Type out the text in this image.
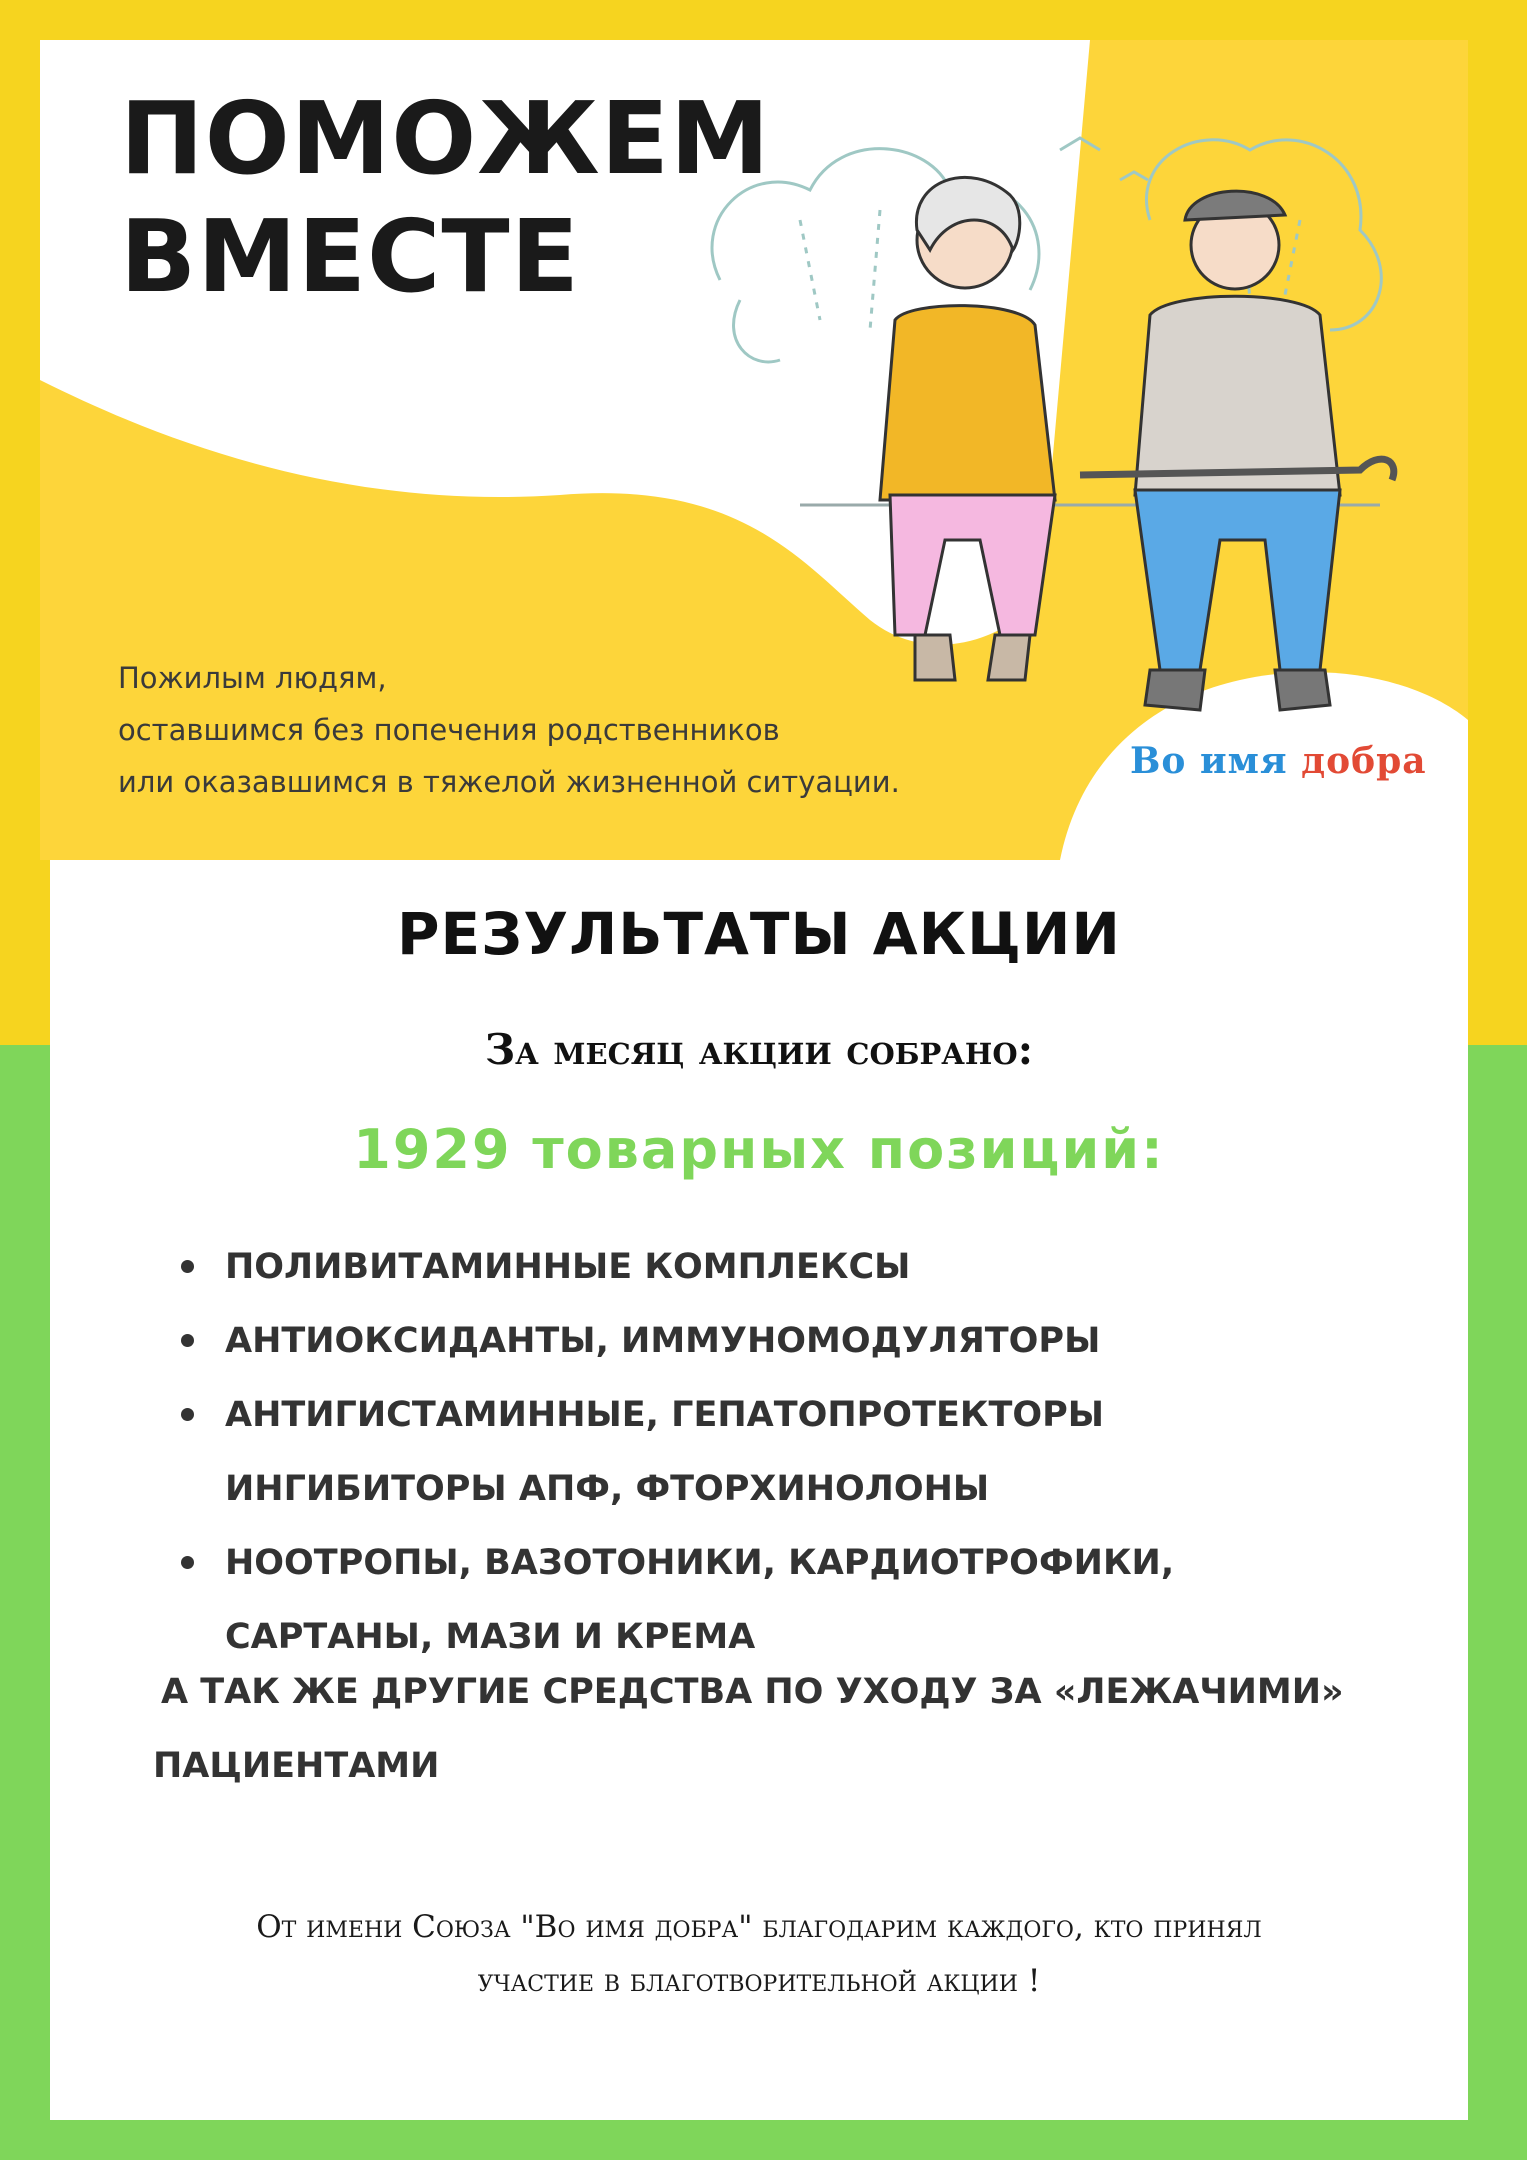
ПОМОЖЕМ
ВМЕСТЕ

Пожилым людям,
оставшимся без попечения родственников
или оказавшимся в тяжелой жизненной ситуации.	Во имя добра
РЕЗУЛЬТАТЫ АКЦИИ

За месяц акции собрано:

1929 товарных позиций:

ПОЛИВИТАМИННЫЕ КОМПЛЕКСЫ
АНТИОКСИДАНТЫ, ИММУНОМОДУЛЯТОРЫ
АНТИГИСТАМИННЫЕ, ГЕПАТОПРОТЕКТОРЫ
ИНГИБИТОРЫ АПФ, ФТОРХИНОЛОНЫ
НООТРОПЫ, ВАЗОТОНИКИ, КАРДИОТРОФИКИ,
САРТАНЫ, МАЗИ И КРЕМА

А ТАК ЖЕ ДРУГИЕ СРЕДСТВА ПО УХОДУ ЗА «ЛЕЖАЧИМИ»
ПАЦИЕНТАМИ

От имени Союза "Во имя добра" благодарим каждого, кто принял
участие в благотворительной акции !
